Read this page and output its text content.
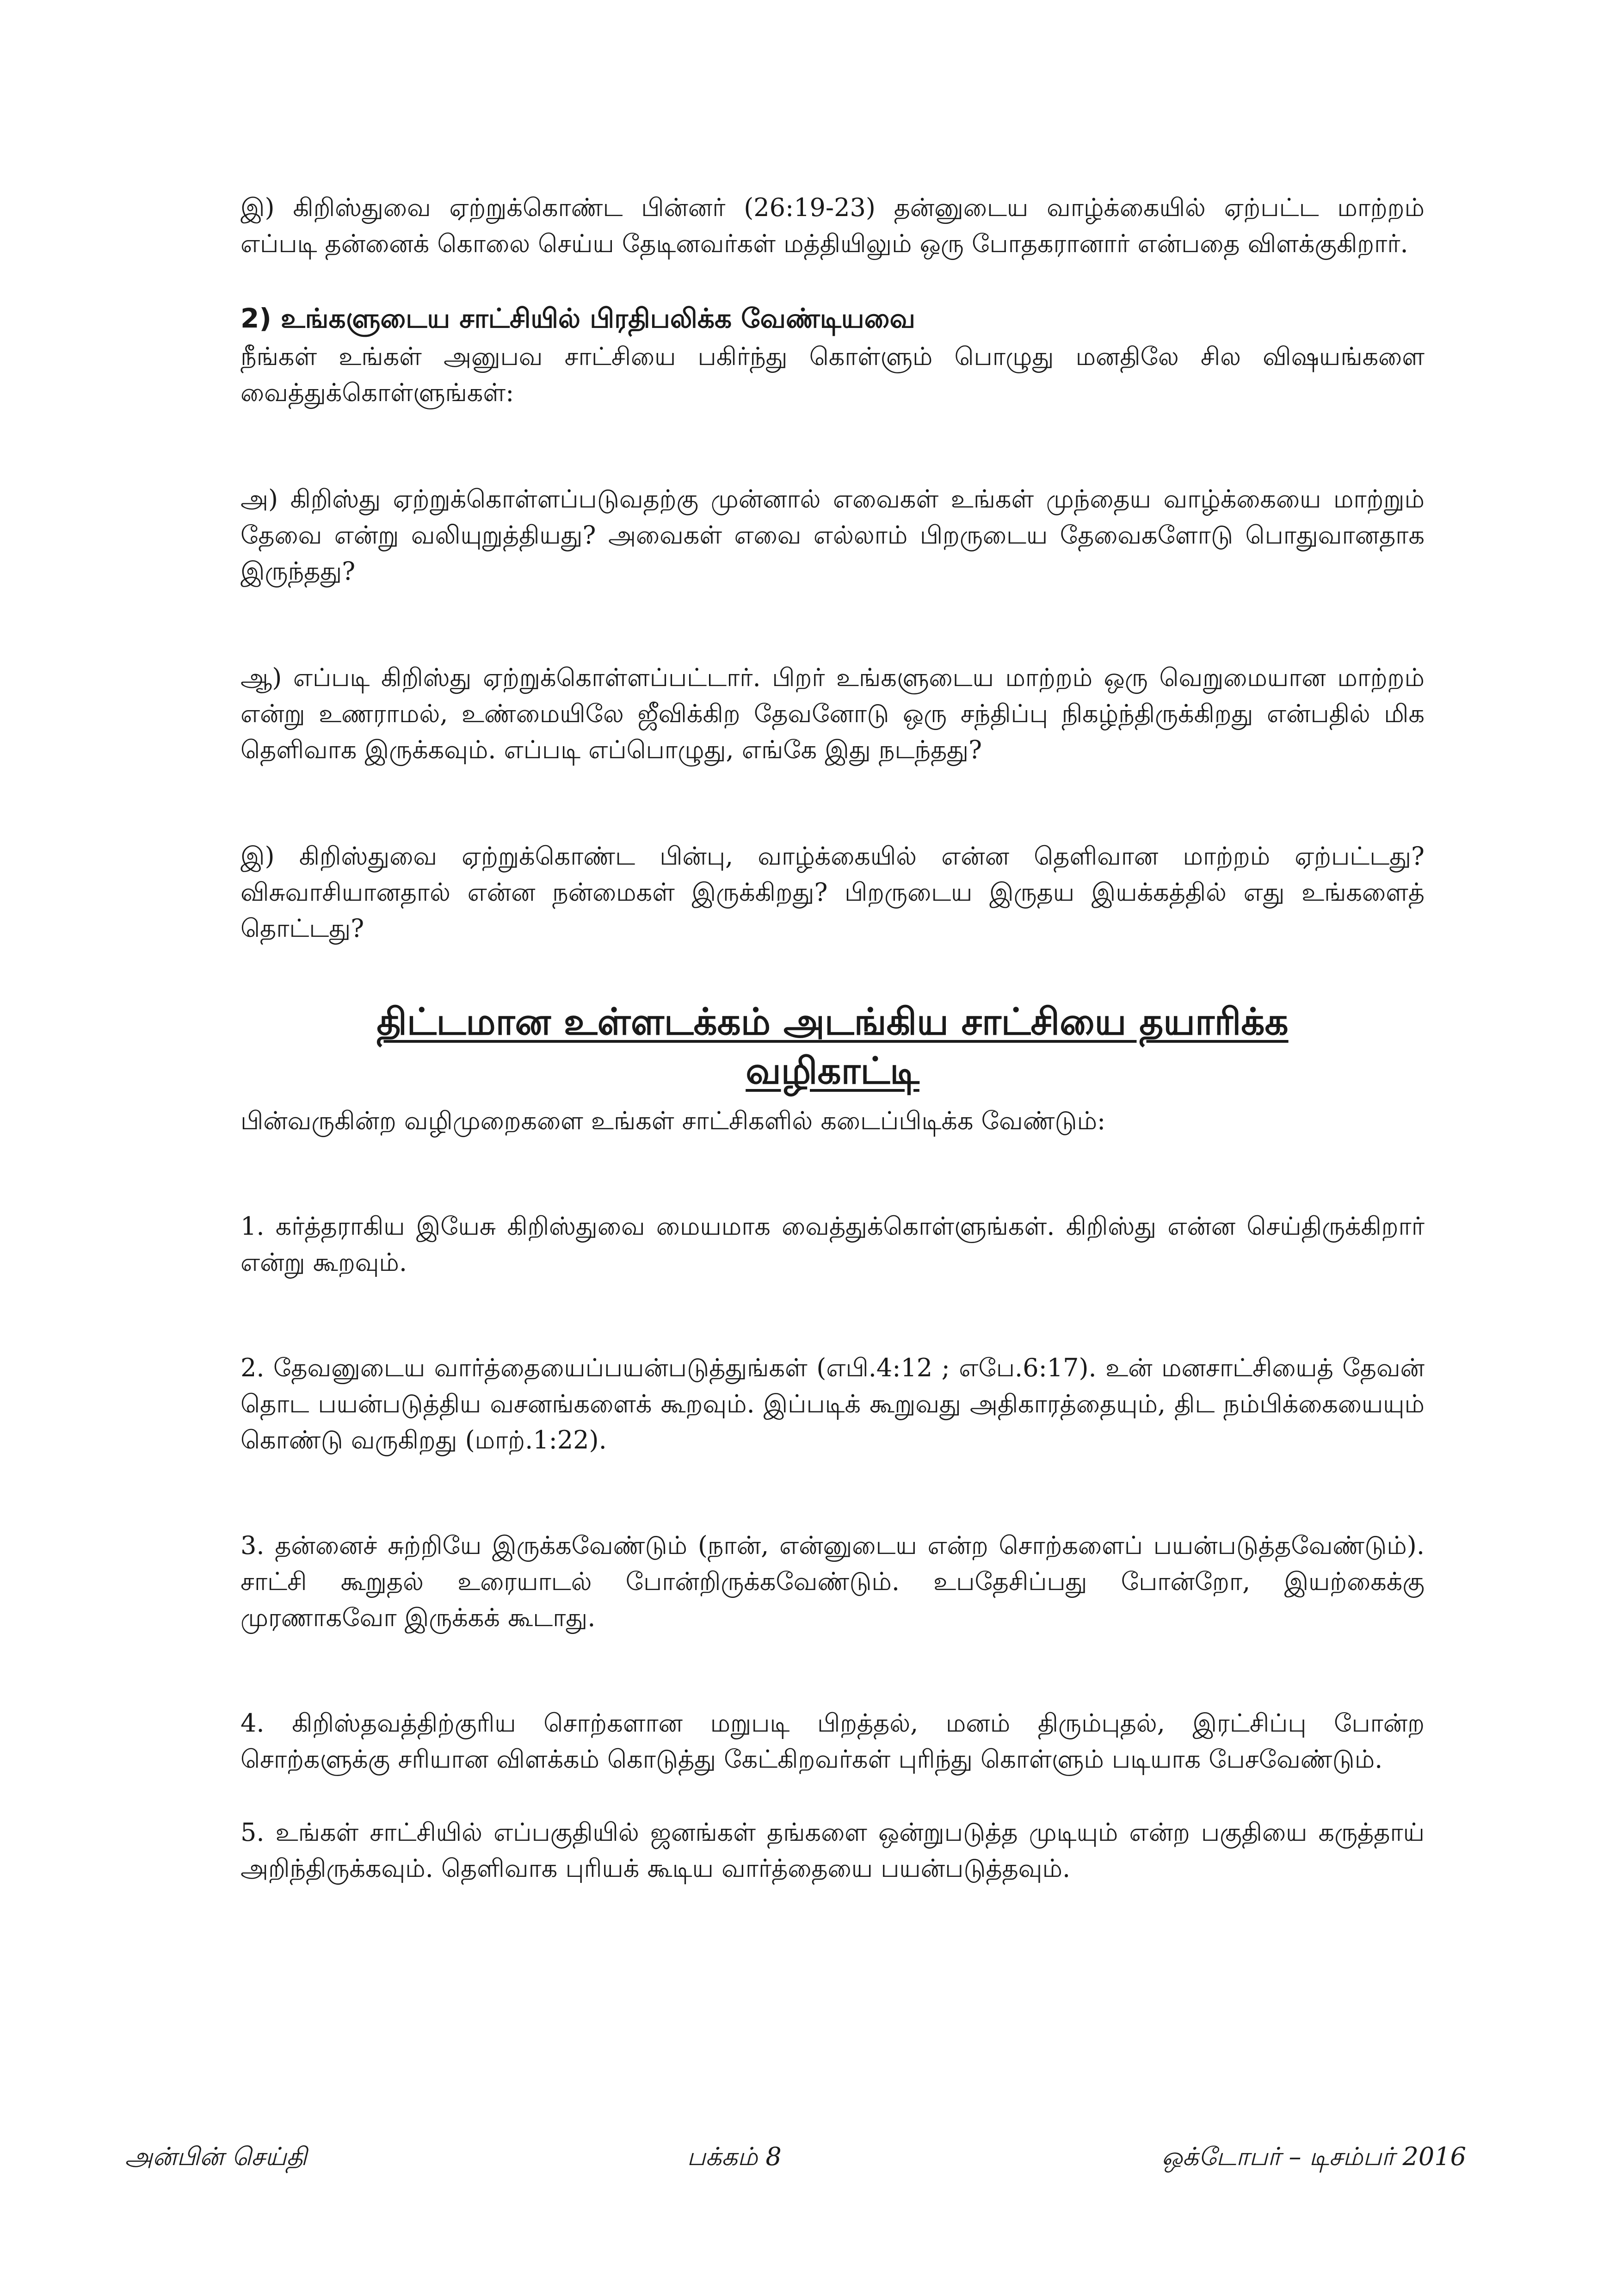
இ) கிறிஸ்துவை ஏற்றுக்கொண்ட பின்னர் (26:19-23) தன்னுடைய வாழ்க்கையில் ஏற்பட்ட மாற்றம் எப்படி தன்னைக் கொலை செய்ய தேடினவர்கள் மத்தியிலும் ஒரு போதகரானார் என்பதை விளக்குகிறார்.

2) உங்களுடைய சாட்சியில் பிரதிபலிக்க வேண்டியவை

நீங்கள் உங்கள் அனுபவ சாட்சியை பகிர்ந்து கொள்ளும் பொழுது மனதிலே சில விஷயங்களை வைத்துக்கொள்ளுங்கள்:

அ) கிறிஸ்து ஏற்றுக்கொள்ளப்படுவதற்கு முன்னால் எவைகள் உங்கள் முந்தைய வாழ்க்கையை மாற்றும் தேவை என்று வலியுறுத்தியது? அவைகள் எவை எல்லாம் பிறருடைய தேவைகளோடு பொதுவானதாக இருந்தது?

ஆ) எப்படி கிறிஸ்து ஏற்றுக்கொள்ளப்பட்டார். பிறர் உங்களுடைய மாற்றம் ஒரு வெறுமையான மாற்றம் என்று உணராமல், உண்மையிலே ஜீவிக்கிற தேவனோடு ஒரு சந்திப்பு நிகழ்ந்திருக்கிறது என்பதில் மிக தெளிவாக இருக்கவும். எப்படி எப்பொழுது, எங்கே இது நடந்தது?

இ) கிறிஸ்துவை ஏற்றுக்கொண்ட பின்பு, வாழ்க்கையில் என்ன தெளிவான மாற்றம் ஏற்பட்டது? விசுவாசியானதால் என்ன நன்மைகள் இருக்கிறது? பிறருடைய இருதய இயக்கத்தில் எது உங்களைத் தொட்டது?

திட்டமான உள்ளடக்கம் அடங்கிய சாட்சியை தயாரிக்க வழிகாட்டி

பின்வருகின்ற வழிமுறைகளை உங்கள் சாட்சிகளில் கடைப்பிடிக்க வேண்டும்:

1. கர்த்தராகிய இயேசு கிறிஸ்துவை மையமாக வைத்துக்கொள்ளுங்கள். கிறிஸ்து என்ன செய்திருக்கிறார் என்று கூறவும்.

2. தேவனுடைய வார்த்தையைப்பயன்படுத்துங்கள் (எபி.4:12 ; எபே.6:17). உன் மனசாட்சியைத் தேவன் தொட பயன்படுத்திய வசனங்களைக் கூறவும். இப்படிக் கூறுவது அதிகாரத்தையும், திட நம்பிக்கையையும் கொண்டு வருகிறது (மாற்.1:22).

3. தன்னைச் சுற்றியே இருக்கவேண்டும் (நான், என்னுடைய என்ற சொற்களைப் பயன்படுத்தவேண்டும்). சாட்சி கூறுதல் உரையாடல் போன்றிருக்கவேண்டும். உபதேசிப்பது போன்றோ, இயற்கைக்கு முரணாகவோ இருக்கக் கூடாது.

4. கிறிஸ்தவத்திற்குரிய சொற்களான மறுபடி பிறத்தல், மனம் திரும்புதல், இரட்சிப்பு போன்ற சொற்களுக்கு சரியான விளக்கம் கொடுத்து கேட்கிறவர்கள் புரிந்து கொள்ளும் படியாக பேசவேண்டும்.

5. உங்கள் சாட்சியில் எப்பகுதியில் ஜனங்கள் தங்களை ஒன்றுபடுத்த முடியும் என்ற பகுதியை கருத்தாய் அறிந்திருக்கவும். தெளிவாக புரியக் கூடிய வார்த்தையை பயன்படுத்தவும்.

அன்பின் செய்தி	பக்கம் 8	ஒக்டோபர் – டிசம்பர் 2016
